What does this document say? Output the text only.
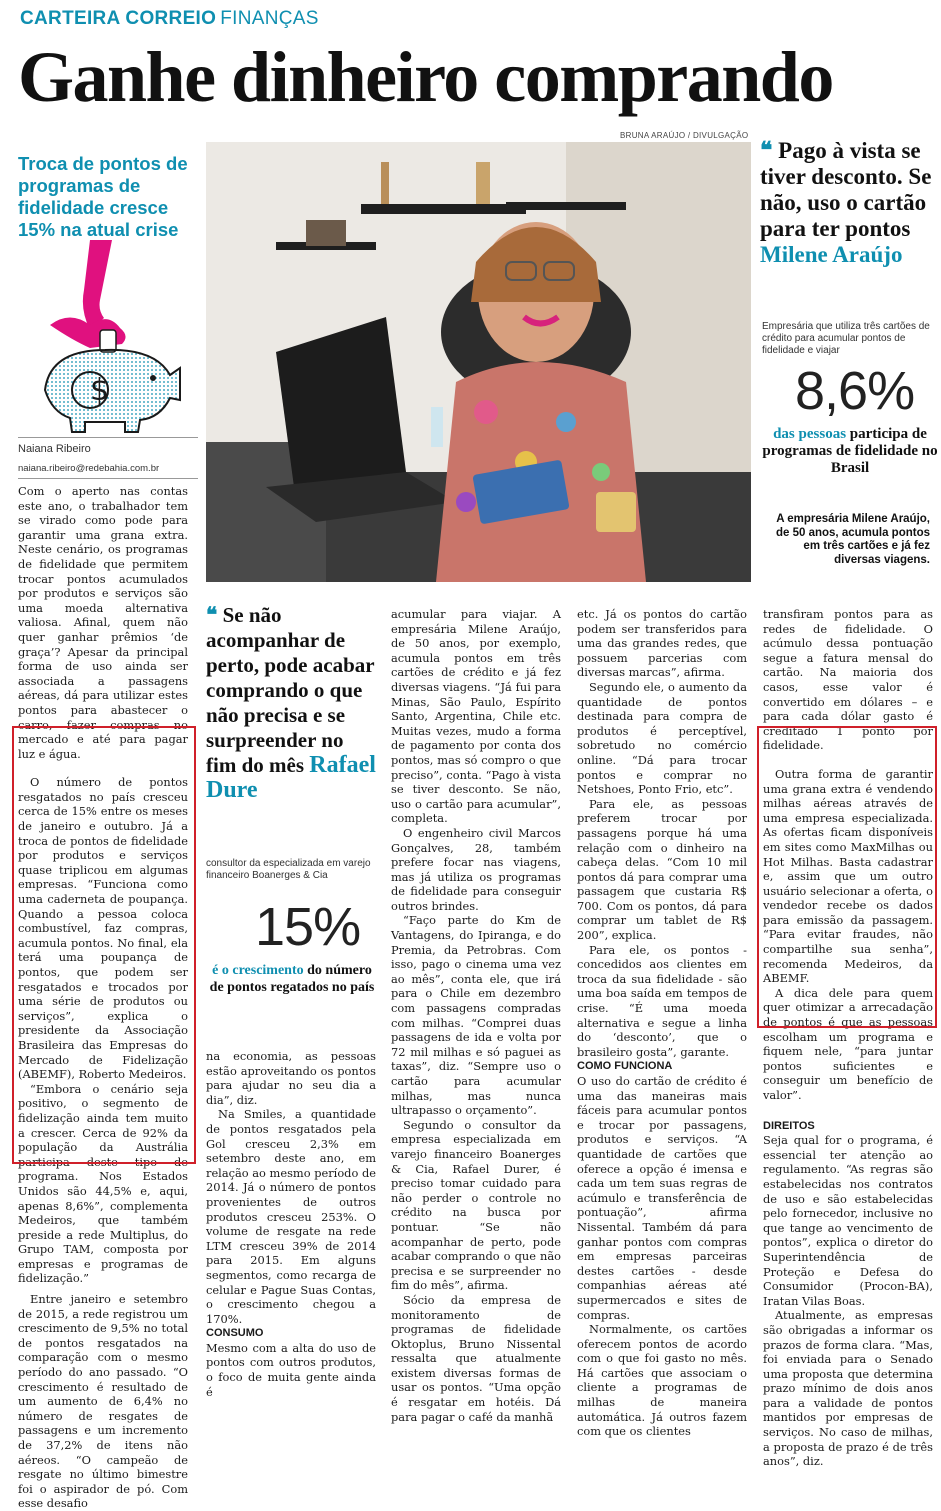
CARTEIRA CORREIO FINANÇAS
Ganhe dinheiro comprando
BRUNA ARAÚJO / DIVULGAÇÃO
Troca de pontos de programas de fidelidade cresce 15% na atual crise
$
Naiana Ribeiro
naiana.ribeiro@redebahia.com.br
❝ Pago à vista se tiver desconto. Se não, uso o cartão para ter pontos Milene Araújo
Empresária que utiliza três cartões de crédito para acumular pontos de fidelidade e viajar
8,6%
das pessoas participa de programas de fidelidade no Brasil
A empresária Milene Araújo, de 50 anos, acumula pontos em três cartões e já fez diversas viagens.

Com o aperto nas contas este ano, o trabalhador tem se virado como pode para garantir uma grana extra. Neste cenário, os programas de fidelidade que permitem trocar pontos acumulados por produtos e serviços são uma moeda alternativa valiosa. Afinal, quem não quer ganhar prêmios ‘de graça’? Apesar da principal forma de uso ainda ser associada a passagens aéreas, dá para utilizar estes pontos para abastecer o carro, fazer compras no mercado e até para pagar luz e água.

O número de pontos resgatados no país cresceu cerca de 15% entre os meses de janeiro e outubro. Já a troca de pontos de fidelidade por produtos e serviços quase triplicou em algumas empresas. “Funciona como uma caderneta de poupança. Quando a pessoa coloca combustível, faz compras, acumula pontos. No final, ela terá uma poupança de pontos, que podem ser resgatados e trocados por uma série de produtos ou serviços”, explica o presidente da Associação Brasileira das Empresas do Mercado de Fidelização (ABEMF), Roberto Medeiros.

“Embora o cenário seja positivo, o segmento de fidelização ainda tem muito a crescer. Cerca de 92% da população da Austrália participa deste tipo de programa. Nos Estados Unidos são 44,5% e, aqui, apenas 8,6%”, complementa Medeiros, que também preside a rede Multiplus, do Grupo TAM, composta por empresas e programas de fidelização.”

Entre janeiro e setembro de 2015, a rede registrou um crescimento de 9,5% no total de pontos resgatados na comparação com o mesmo período do ano passado. “O crescimento é resultado de um aumento de 6,4% no número de resgates de passagens e um incremento de 37,2% de itens não aéreos. “O campeão de resgate no último bimestre foi o aspirador de pó. Com esse desafio

❝ Se não acompanhar de perto, pode acabar comprando o que não precisa e se surpreender no fim do mês Rafael Dure
consultor da especializada em varejo financeiro Boanerges & Cia
15%
é o crescimento do número de pontos regatados no país

na economia, as pessoas estão aproveitando os pontos para ajudar no seu dia a dia”, diz.

Na Smiles, a quantidade de pontos resgatados pela Gol cresceu 2,3% em setembro deste ano, em relação ao mesmo período de 2014. Já o número de pontos provenientes de outros produtos cresceu 253%. O volume de resgate na rede LTM cresceu 39% de 2014 para 2015. Em alguns segmentos, como recarga de celular e Pague Suas Contas, o crescimento chegou a 170%.

CONSUMO

Mesmo com a alta do uso de pontos com outros produtos, o foco de muita gente ainda é

acumular para viajar. A empresária Milene Araújo, de 50 anos, por exemplo, acumula pontos em três cartões de crédito e já fez diversas viagens. “Já fui para Minas, São Paulo, Espírito Santo, Argentina, Chile etc. Muitas vezes, mudo a forma de pagamento por conta dos pontos, mas só compro o que preciso”, conta. “Pago à vista se tiver desconto. Se não, uso o cartão para acumular”, completa.

O engenheiro civil Marcos Gonçalves, 28, também prefere focar nas viagens, mas já utiliza os programas de fidelidade para conseguir outros brindes.

“Faço parte do Km de Vantagens, do Ipiranga, e do Premia, da Petrobras. Com isso, pago o cinema uma vez ao mês”, conta ele, que irá para o Chile em dezembro com passagens compradas com milhas. “Comprei duas passagens de ida e volta por 72 mil milhas e só paguei as taxas”, diz. “Sempre uso o cartão para acumular milhas, mas nunca ultrapasso o orçamento”.

Segundo o consultor da empresa especializada em varejo financeiro Boanerges & Cia, Rafael Durer, é preciso tomar cuidado para não perder o controle no crédito na busca por pontuar. “Se não acompanhar de perto, pode acabar comprando o que não precisa e se surpreender no fim do mês”, afirma.

Sócio da empresa de monitoramento de programas de fidelidade Oktoplus, Bruno Nissental ressalta que atualmente existem diversas formas de usar os pontos. “Uma opção é resgatar em hotéis. Dá para pagar o café da manhã

etc. Já os pontos do cartão podem ser transferidos para uma das grandes redes, que possuem parcerias com diversas marcas”, afirma.

Segundo ele, o aumento da quantidade de pontos destinada para compra de produtos é perceptível, sobretudo no comércio online. “Dá para trocar pontos e comprar no Netshoes, Ponto Frio, etc”.

Para ele, as pessoas preferem trocar por passagens porque há uma relação com o dinheiro na cabeça delas. “Com 10 mil pontos dá para comprar uma passagem que custaria R$ 700. Com os pontos, dá para comprar um tablet de R$ 200”, explica.

Para ele, os pontos - concedidos aos clientes em troca da sua fidelidade - são uma boa saída em tempos de crise. “É uma moeda alternativa e segue a linha do ‘desconto’, que o brasileiro gosta”, garante.

COMO FUNCIONA

O uso do cartão de crédito é uma das maneiras mais fáceis para acumular pontos e trocar por passagens, produtos e serviços. “A quantidade de cartões que oferece a opção é imensa e cada um tem suas regras de acúmulo e transferência de pontuação”, afirma Nissental. Também dá para ganhar pontos com compras em empresas parceiras destes cartões - desde companhias aéreas até supermercados e sites de compras.

Normalmente, os cartões oferecem pontos de acordo com o que foi gasto no mês. Há cartões que associam o cliente a programas de milhas de maneira automática. Já outros fazem com que os clientes

transfiram pontos para as redes de fidelidade. O acúmulo dessa pontuação segue a fatura mensal do cartão. Na maioria dos casos, esse valor é convertido em dólares – e para cada dólar gasto é creditado 1 ponto por fidelidade.

Outra forma de garantir uma grana extra é vendendo milhas aéreas através de uma empresa especializada. As ofertas ficam disponíveis em sites como MaxMilhas ou Hot Milhas. Basta cadastrar e, assim que um outro usuário selecionar a oferta, o vendedor recebe os dados para emissão da passagem. “Para evitar fraudes, não compartilhe sua senha”, recomenda Medeiros, da ABEMF.

A dica dele para quem quer otimizar a arrecadação de pontos é que as pessoas escolham um programa e fiquem nele, “para juntar pontos suficientes e conseguir um benefício de valor”.

DIREITOS

Seja qual for o programa, é essencial ter atenção ao regulamento. “As regras são estabelecidas nos contratos de uso e são estabelecidas pelo fornecedor, inclusive no que tange ao vencimento de pontos”, explica o diretor do Superintendência de Proteção e Defesa do Consumidor (Procon-BA), Iratan Vilas Boas.

Atualmente, as empresas são obrigadas a informar os prazos de forma clara. “Mas, foi enviada para o Senado uma proposta que determina prazo mínimo de dois anos para a validade de pontos mantidos por empresas de serviços. No caso de milhas, a proposta de prazo é de três anos”, diz.
